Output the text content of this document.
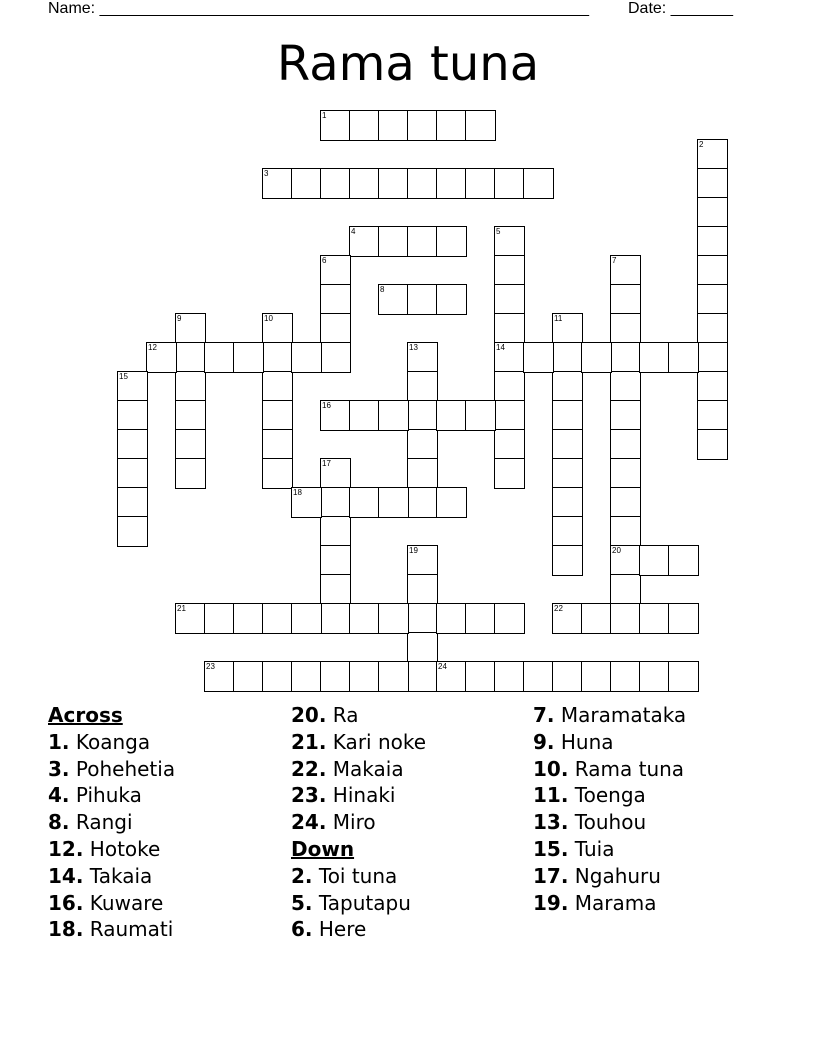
Name: _______________________________________________________ Date: _______
Rama tuna
1
2
3
4	5
14
6	7
20
8
9	10	11
12	13
15
16
17
18
19
21	22
23	24
Across
1. Koanga
3. Pohehetia
4. Pihuka
8. Rangi
12. Hotoke
14. Takaia
16. Kuware
18. Raumati
20. Ra
21. Kari noke
22. Makaia
23. Hinaki
24. Miro
Down
2. Toi tuna
5. Taputapu
6. Here
7. Maramataka
9. Huna
10. Rama tuna
11. Toenga
13. Touhou
15. Tuia
17. Ngahuru
19. Marama
